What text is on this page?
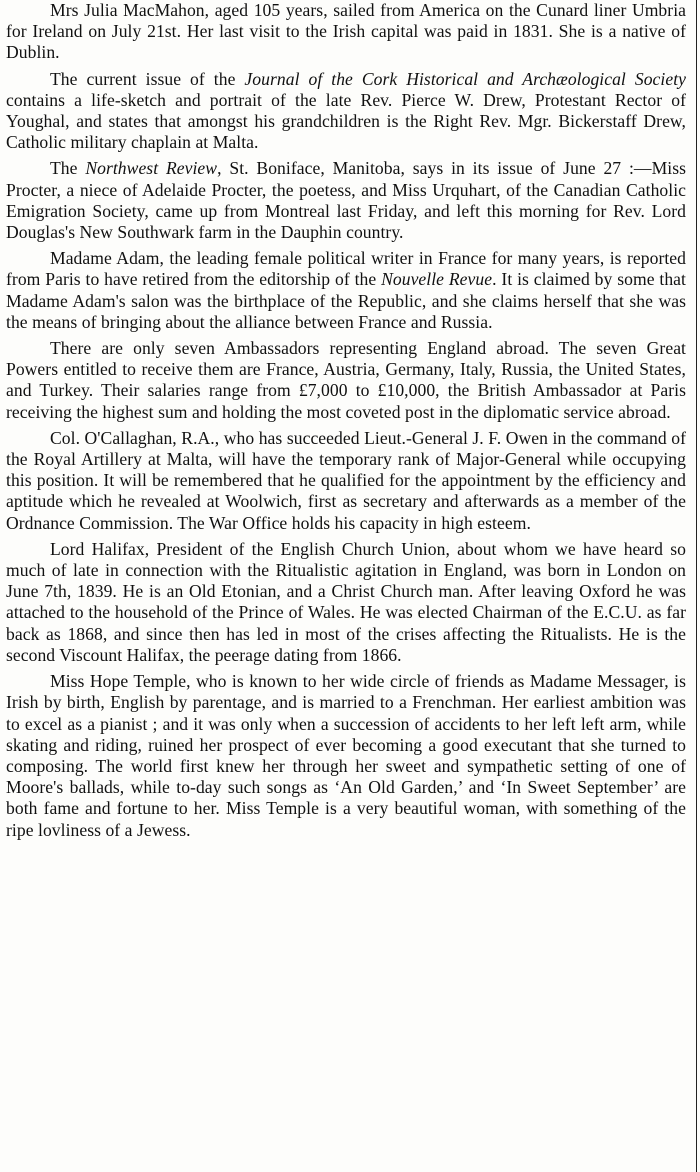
Mrs Julia MacMahon, aged 105 years, sailed from America on the Cunard liner Umbria for Ireland on July 21st. Her last visit to the Irish capital was paid in 1831. She is a native of Dublin.

The current issue of the Journal of the Cork Historical and Archæological Society contains a life-sketch and portrait of the late Rev. Pierce W. Drew, Protestant Rector of Youghal, and states that amongst his grandchildren is the Right Rev. Mgr. Bickerstaff Drew, Catholic military chaplain at Malta.

The Northwest Review, St. Boniface, Manitoba, says in its issue of June 27 :—Miss Procter, a niece of Adelaide Procter, the poetess, and Miss Urquhart, of the Canadian Catholic Emigration Society, came up from Montreal last Friday, and left this morning for Rev. Lord Douglas's New Southwark farm in the Dauphin country.

Madame Adam, the leading female political writer in France for many years, is reported from Paris to have retired from the editorship of the Nouvelle Revue. It is claimed by some that Madame Adam's salon was the birthplace of the Republic, and she claims herself that she was the means of bringing about the alliance between France and Russia.

There are only seven Ambassadors representing England abroad. The seven Great Powers entitled to receive them are France, Austria, Germany, Italy, Russia, the United States, and Turkey. Their salaries range from £7,000 to £10,000, the British Ambassador at Paris receiving the highest sum and holding the most coveted post in the diplomatic service abroad.

Col. O'Callaghan, R.A., who has succeeded Lieut.-General J. F. Owen in the command of the Royal Artillery at Malta, will have the temporary rank of Major-General while occupying this position. It will be remembered that he qualified for the appointment by the efficiency and aptitude which he revealed at Woolwich, first as secretary and afterwards as a member of the Ordnance Commission. The War Office holds his capacity in high esteem.

Lord Halifax, President of the English Church Union, about whom we have heard so much of late in connection with the Ritualistic agitation in England, was born in London on June 7th, 1839. He is an Old Etonian, and a Christ Church man. After leaving Oxford he was attached to the household of the Prince of Wales. He was elected Chairman of the E.C.U. as far back as 1868, and since then has led in most of the crises affecting the Ritualists. He is the second Viscount Halifax, the peerage dating from 1866.

Miss Hope Temple, who is known to her wide circle of friends as Madame Messager, is Irish by birth, English by parentage, and is married to a Frenchman. Her earliest ambition was to excel as a pianist ; and it was only when a succession of accidents to her left left arm, while skating and riding, ruined her prospect of ever becoming a good executant that she turned to composing. The world first knew her through her sweet and sympathetic setting of one of Moore's ballads, while to-day such songs as ‘An Old Garden,’ and ‘In Sweet September’ are both fame and fortune to her. Miss Temple is a very beautiful woman, with something of the ripe lovliness of a Jewess.
